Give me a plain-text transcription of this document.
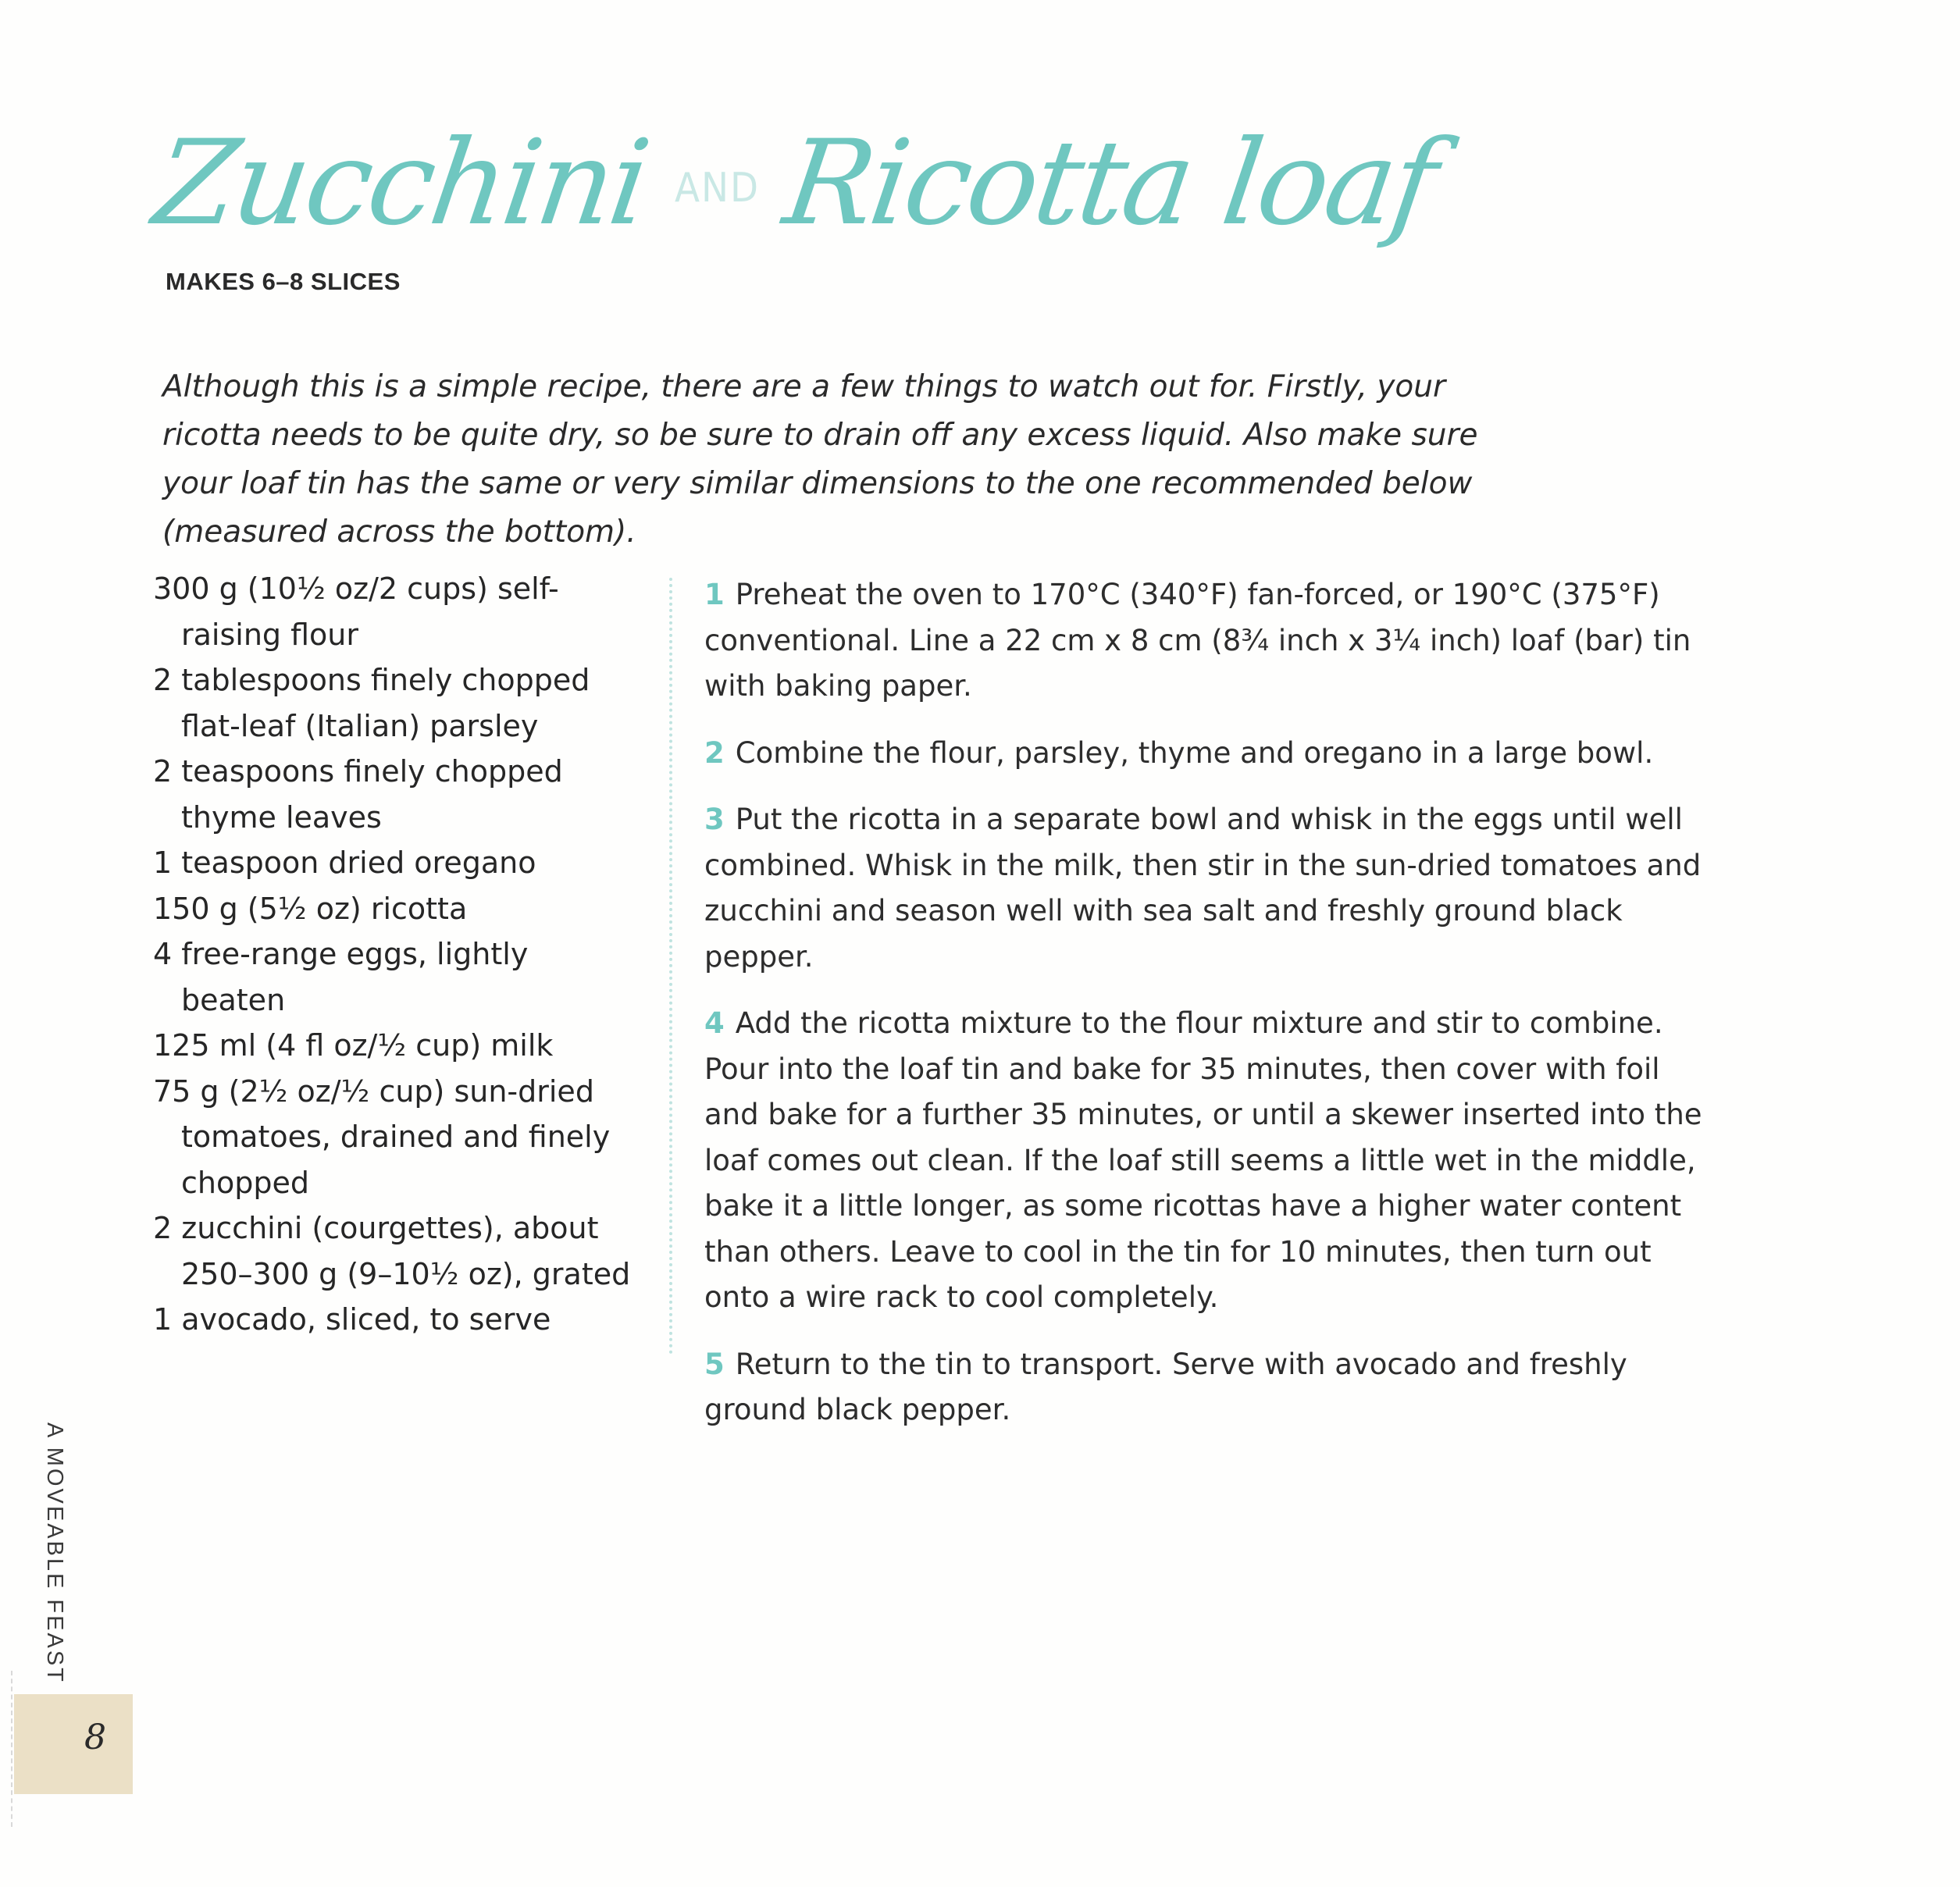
Zucchini AND Ricotta loaf
MAKES 6–8 SLICES

Although this is a simple recipe, there are a few things to watch out for. Firstly, your ricotta needs to be quite dry, so be sure to drain off any excess liquid. Also make sure your loaf tin has the same or very similar dimensions to the one recommended below (measured across the bottom).

300 g (10½ oz/2 cups) self-raising flour
2 tablespoons finely chopped flat-leaf (Italian) parsley
2 teaspoons finely chopped thyme leaves
1 teaspoon dried oregano
150 g (5½ oz) ricotta
4 free-range eggs, lightly beaten
125 ml (4 fl oz/½ cup) milk
75 g (2½ oz/½ cup) sun-dried tomatoes, drained and finely chopped
2 zucchini (courgettes), about 250–300 g (9–10½ oz), grated
1 avocado, sliced, to serve
1 Preheat the oven to 170°C (340°F) fan-forced, or 190°C (375°F) conventional. Line a 22 cm x 8 cm (8¾ inch x 3¼ inch) loaf (bar) tin with baking paper.
2 Combine the flour, parsley, thyme and oregano in a large bowl.
3 Put the ricotta in a separate bowl and whisk in the eggs until well combined. Whisk in the milk, then stir in the sun-dried tomatoes and zucchini and season well with sea salt and freshly ground black pepper.
4 Add the ricotta mixture to the flour mixture and stir to combine. Pour into the loaf tin and bake for 35 minutes, then cover with foil and bake for a further 35 minutes, or until a skewer inserted into the loaf comes out clean. If the loaf still seems a little wet in the middle, bake it a little longer, as some ricottas have a higher water content than others. Leave to cool in the tin for 10 minutes, then turn out onto a wire rack to cool completely.
5 Return to the tin to transport. Serve with avocado and freshly ground black pepper.
A MOVEABLE FEAST
8
